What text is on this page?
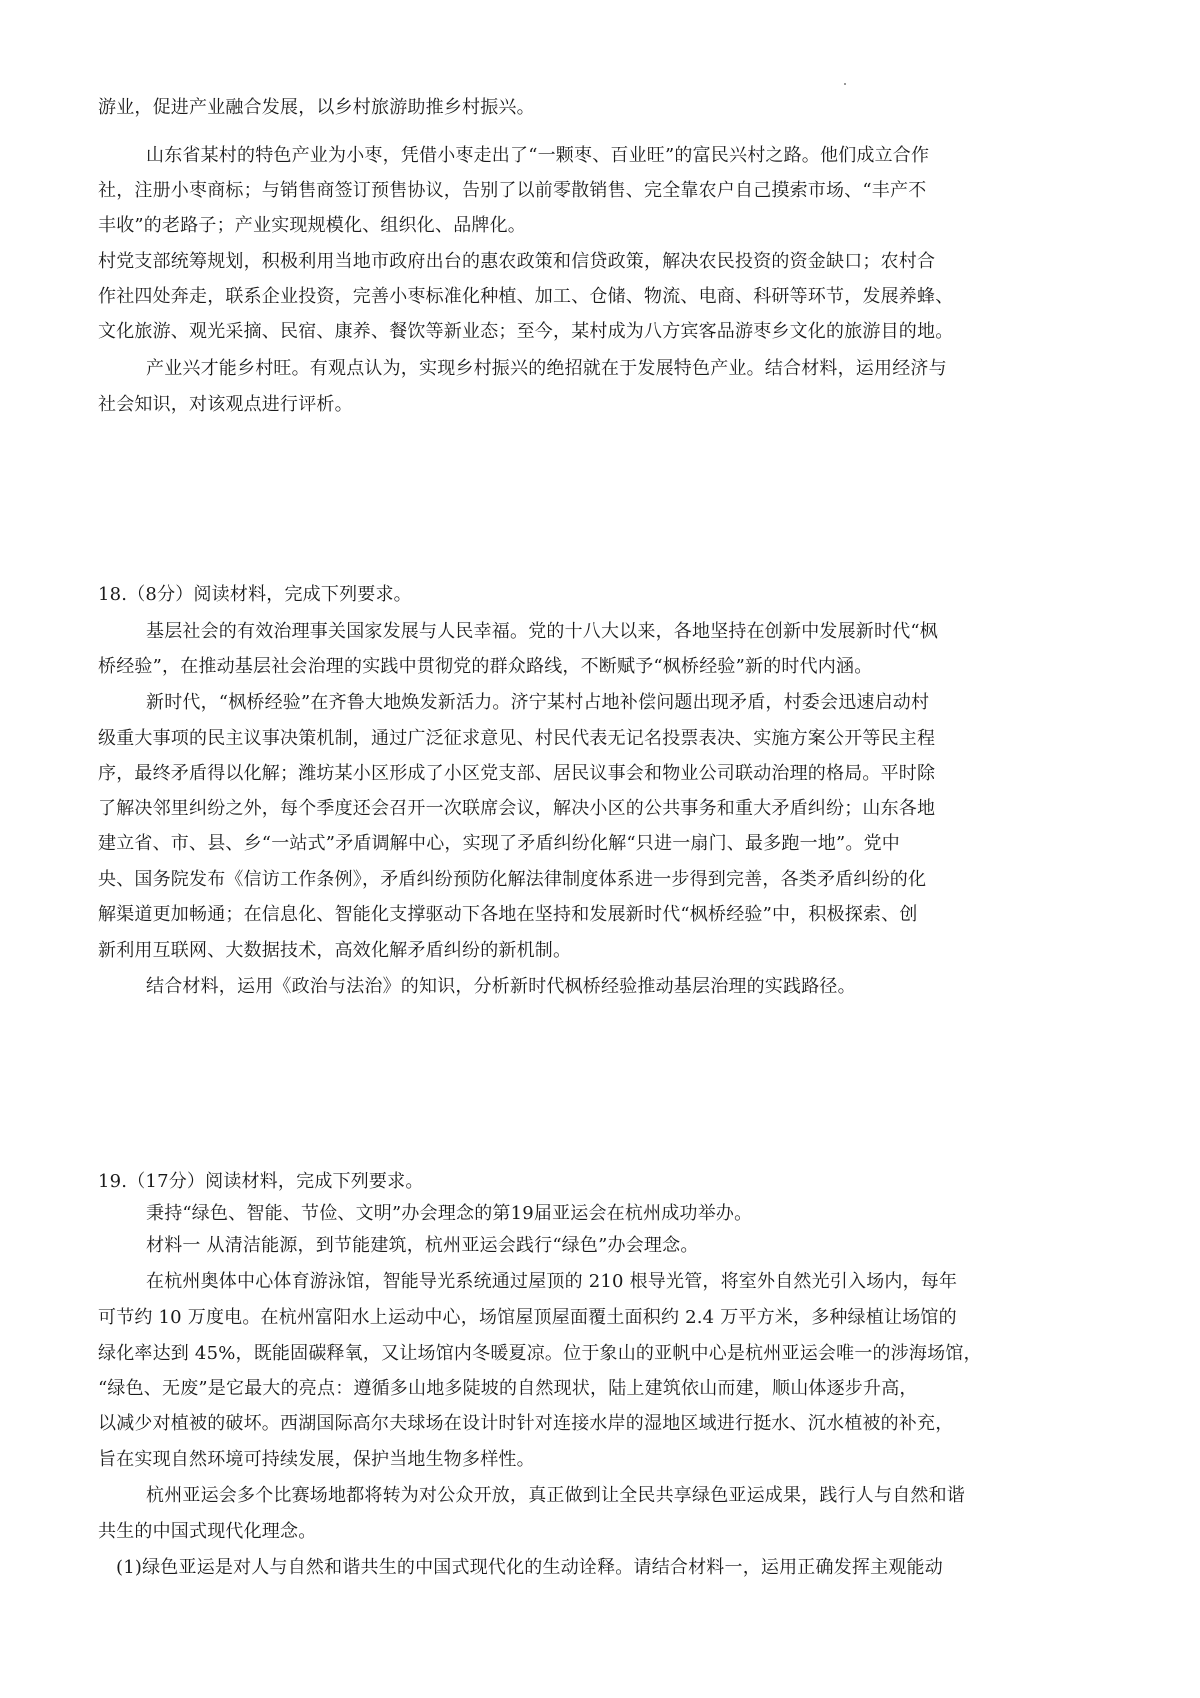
游业，促进产业融合发展，以乡村旅游助推乡村振兴。
山东省某村的特色产业为小枣，凭借小枣走出了“一颗枣、百业旺”的富民兴村之路。他们成立合作
社，注册小枣商标；与销售商签订预售协议，告别了以前零散销售、完全靠农户自己摸索市场、“丰产不
丰收”的老路子；产业实现规模化、组织化、品牌化。
村党支部统筹规划，积极利用当地市政府出台的惠农政策和信贷政策，解决农民投资的资金缺口；农村合
作社四处奔走，联系企业投资，完善小枣标准化种植、加工、仓储、物流、电商、科研等环节，发展养蜂、
文化旅游、观光采摘、民宿、康养、餐饮等新业态；至今，某村成为八方宾客品游枣乡文化的旅游目的地。
产业兴才能乡村旺。有观点认为，实现乡村振兴的绝招就在于发展特色产业。结合材料，运用经济与
社会知识，对该观点进行评析。
18.（8分）阅读材料，完成下列要求。
基层社会的有效治理事关国家发展与人民幸福。党的十八大以来，各地坚持在创新中发展新时代“枫
桥经验”，在推动基层社会治理的实践中贯彻党的群众路线，不断赋予“枫桥经验”新的时代内涵。
新时代，“枫桥经验”在齐鲁大地焕发新活力。济宁某村占地补偿问题出现矛盾，村委会迅速启动村
级重大事项的民主议事决策机制，通过广泛征求意见、村民代表无记名投票表决、实施方案公开等民主程
序，最终矛盾得以化解；潍坊某小区形成了小区党支部、居民议事会和物业公司联动治理的格局。平时除
了解决邻里纠纷之外，每个季度还会召开一次联席会议，解决小区的公共事务和重大矛盾纠纷；山东各地
建立省、市、县、乡“一站式”矛盾调解中心，实现了矛盾纠纷化解“只进一扇门、最多跑一地”。党中
央、国务院发布《信访工作条例》，矛盾纠纷预防化解法律制度体系进一步得到完善，各类矛盾纠纷的化
解渠道更加畅通；在信息化、智能化支撑驱动下各地在坚持和发展新时代“枫桥经验”中，积极探索、创
新利用互联网、大数据技术，高效化解矛盾纠纷的新机制。
结合材料，运用《政治与法治》的知识，分析新时代枫桥经验推动基层治理的实践路径。
19.（17分）阅读材料，完成下列要求。
秉持“绿色、智能、节俭、文明”办会理念的第19届亚运会在杭州成功举办。
材料一 从清洁能源，到节能建筑，杭州亚运会践行“绿色”办会理念。
在杭州奥体中心体育游泳馆，智能导光系统通过屋顶的 210 根导光管，将室外自然光引入场内，每年
可节约 10 万度电。在杭州富阳水上运动中心，场馆屋顶屋面覆土面积约 2.4 万平方米，多种绿植让场馆的
绿化率达到 45%，既能固碳释氧，又让场馆内冬暖夏凉。位于象山的亚帆中心是杭州亚运会唯一的涉海场馆，
“绿色、无废”是它最大的亮点：遵循多山地多陡坡的自然现状，陆上建筑依山而建，顺山体逐步升高，
以减少对植被的破坏。西湖国际高尔夫球场在设计时针对连接水岸的湿地区域进行挺水、沉水植被的补充，
旨在实现自然环境可持续发展，保护当地生物多样性。
杭州亚运会多个比赛场地都将转为对公众开放，真正做到让全民共享绿色亚运成果，践行人与自然和谐
共生的中国式现代化理念。
(1)绿色亚运是对人与自然和谐共生的中国式现代化的生动诠释。请结合材料一，运用正确发挥主观能动
